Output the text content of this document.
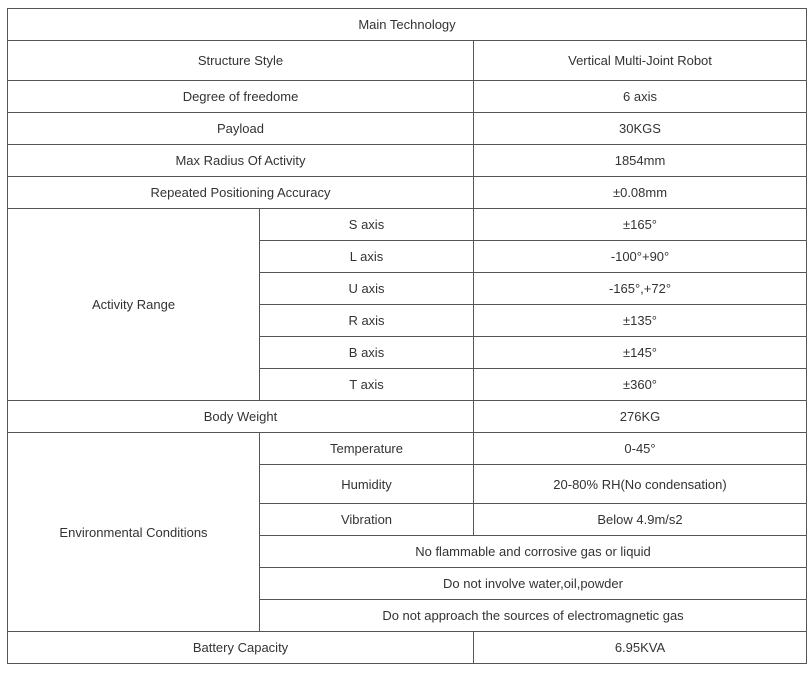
Main Technology		
Structure Style		Vertical Multi-Joint Robot
Degree of freedome		6 axis
Payload		30KGS
Max Radius Of Activity		1854mm
Repeated Positioning Accuracy		±0.08mm
Activity Range	S axis	±165°
	L axis	-100°+90°
	U axis	-165°,+72°
	R axis	±135°
	B axis	±145°
	T axis	±360°
Body Weight		276KG
Environmental Conditions	Temperature	0-45°
	Humidity	20-80% RH(No condensation)
	Vibration	Below 4.9m/s2
	No flammable and corrosive gas or liquid	
	Do not involve water,oil,powder	
	Do not approach the sources of electromagnetic gas	
Battery Capacity		6.95KVA
